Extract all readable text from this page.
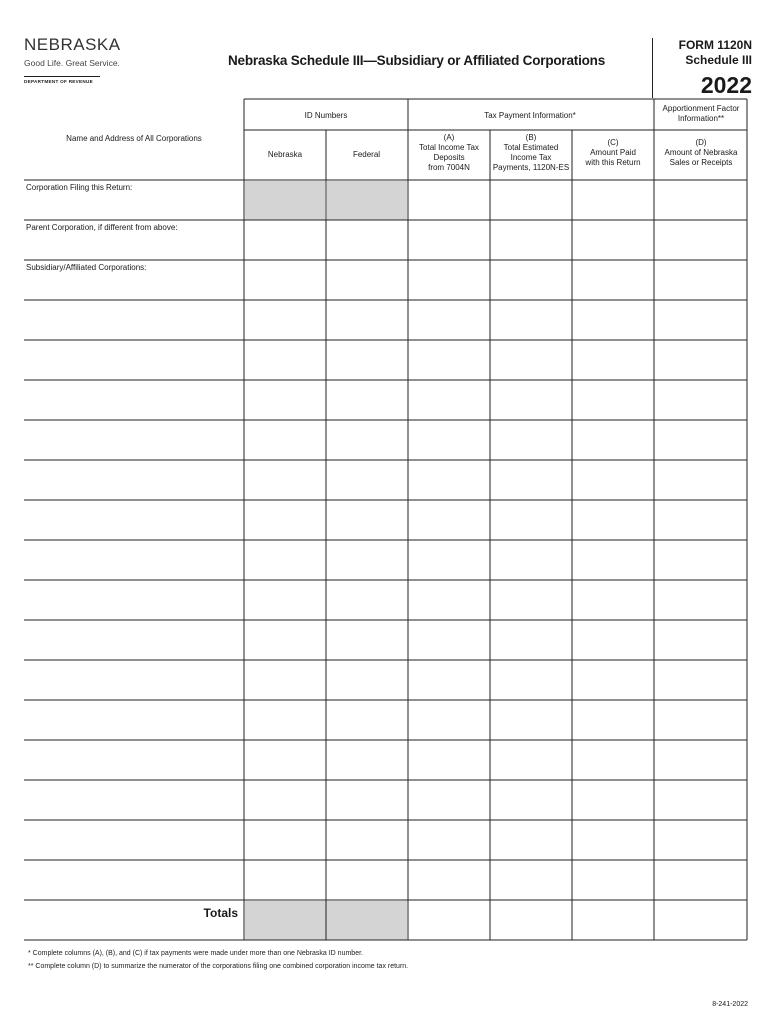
NEBRASKA
Good Life. Great Service.
DEPARTMENT OF REVENUE
Nebraska Schedule III—Subsidiary or Affiliated Corporations
FORM 1120N
Schedule III
2022
Name and Address of All Corporations
ID Numbers
Nebraska	Federal
Tax Payment Information*
(A)
Total Income Tax
Deposits
from 7004N
(B)
Total Estimated
Income Tax
Payments, 1120N-ES
(C)
Amount Paid
with this Return
Apportionment Factor
Information**
(D)
Amount of Nebraska
Sales or Receipts
Corporation Filing this Return:
Parent Corporation, if different from above:
Subsidiary/Affiliated Corporations:
Totals
* Complete columns (A), (B), and (C) if tax payments were made under more than one Nebraska ID number.
** Complete column (D) to summarize the numerator of the corporations filing one combined corporation income tax return.
8-241-2022
